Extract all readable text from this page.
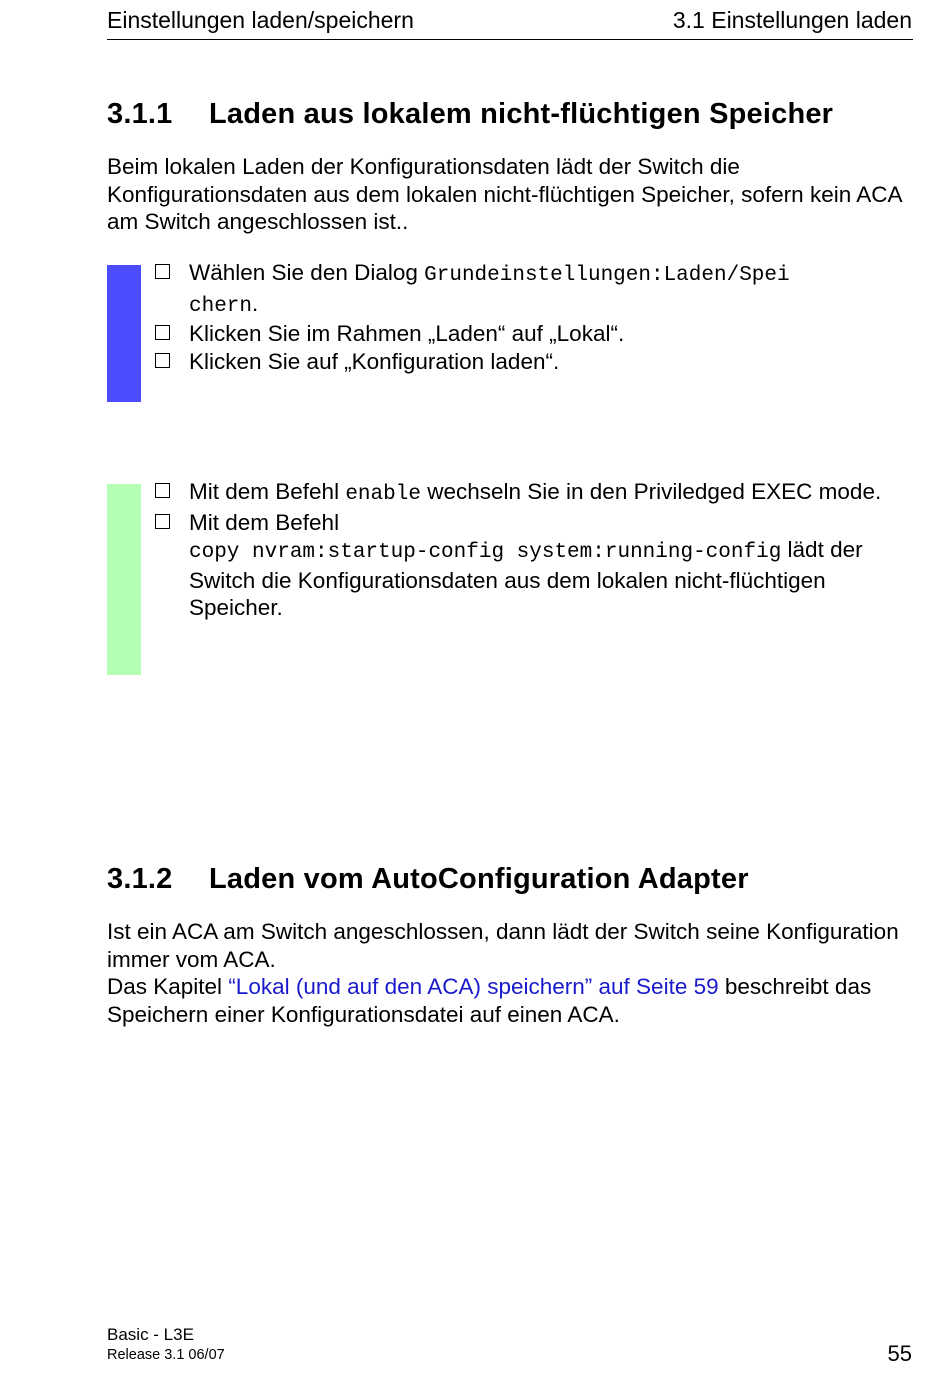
Einstellungen laden/speichern	3.1 Einstellungen laden
3.1.1 Laden aus lokalem nicht-flüchtigen Speicher
Beim lokalen Laden der Konfigurationsdaten lädt der Switch die Konfigurationsdaten aus dem lokalen nicht-flüchtigen Speicher, sofern kein ACA am Switch angeschlossen ist..
Wählen Sie den Dialog Grundeinstellungen:Laden/Spei
chern.
Klicken Sie im Rahmen „Laden“ auf „Lokal“.
Klicken Sie auf „Konfiguration laden“.
Mit dem Befehl enable wechseln Sie in den Priviledged EXEC mode.
Mit dem Befehl
copy nvram:startup-config system:running-config lädt der Switch die Konfigurationsdaten aus dem lokalen nicht-flüchtigen Speicher.
3.1.2 Laden vom AutoConfiguration Adapter
Ist ein ACA am Switch angeschlossen, dann lädt der Switch seine Konfiguration immer vom ACA.
Das Kapitel “Lokal (und auf den ACA) speichern” auf Seite 59 beschreibt das Speichern einer Konfigurationsdatei auf einen ACA.
Basic - L3E
Release 3.1 06/07	55
